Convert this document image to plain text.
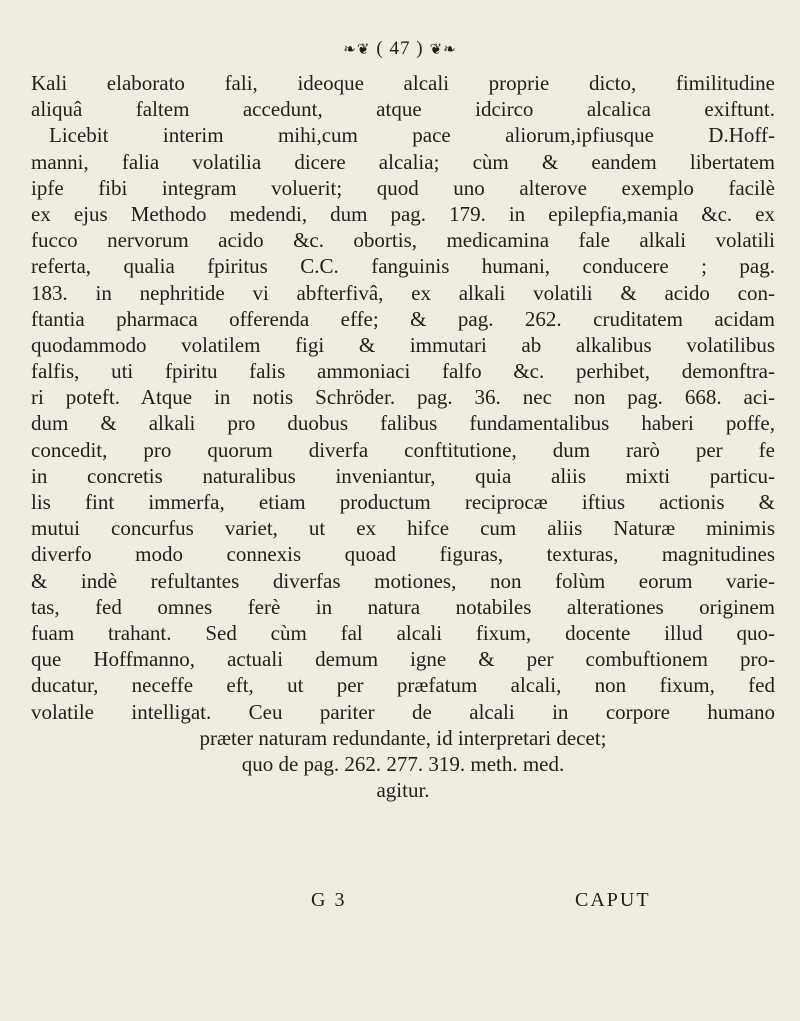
❧❦ ( 47 ) ❦❧
Kali elaborato fali, ideoque alcali proprie dicto, fimilitudine
aliquâ faltem accedunt, atque idcirco alcalica exiftunt.
Licebit interim mihi,cum pace aliorum,ipfiusque D.Hoff-
manni, falia volatilia dicere alcalia; cùm & eandem libertatem
ipfe fibi integram voluerit; quod uno alterove exemplo facilè
ex ejus Methodo medendi, dum pag. 179. in epilepfia,mania &c. ex
fucco nervorum acido &c. obortis, medicamina fale alkali volatili
referta, qualia fpiritus C.C. fanguinis humani, conducere ; pag.
183. in nephritide vi abfterfivâ, ex alkali volatili & acido con-
ftantia pharmaca offerenda effe; & pag. 262. cruditatem acidam
quodammodo volatilem figi & immutari ab alkalibus volatilibus
falfis, uti fpiritu falis ammoniaci falfo &c. perhibet, demonftra-
ri poteft. Atque in notis Schröder. pag. 36. nec non pag. 668. aci-
dum & alkali pro duobus falibus fundamentalibus haberi poffe,
concedit, pro quorum diverfa conftitutione, dum rarò per fe
in concretis naturalibus inveniantur, quia aliis mixti particu-
lis fint immerfa, etiam productum reciprocæ iftius actionis &
mutui concurfus variet, ut ex hifce cum aliis Naturæ minimis
diverfo modo connexis quoad figuras, texturas, magnitudines
& indè refultantes diverfas motiones, non folùm eorum varie-
tas, fed omnes ferè in natura notabiles alterationes originem
fuam trahant. Sed cùm fal alcali fixum, docente illud quo-
que Hoffmanno, actuali demum igne & per combuftionem pro-
ducatur, neceffe eft, ut per præfatum alcali, non fixum, fed
volatile intelligat. Ceu pariter de alcali in corpore humano
præter naturam redundante, id interpretari decet;
quo de pag. 262. 277. 319. meth. med.
agitur.
G 3	CAPUT
